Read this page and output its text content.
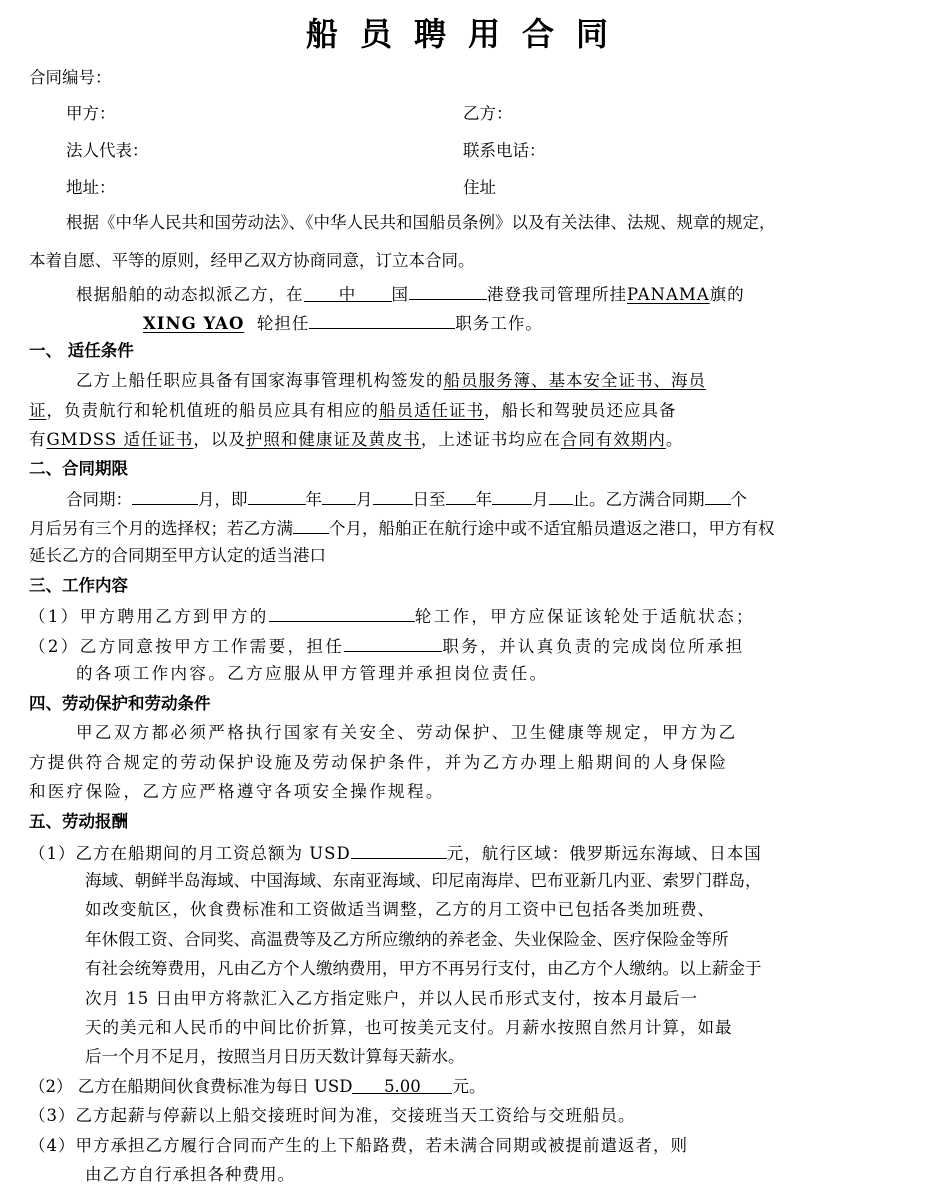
船员聘用合同
合同编号：
甲方：	乙方：
法人代表：	联系电话：
地址：	住址
根据《中华人民共和国劳动法》、《中华人民共和国船员条例》以及有关法律、法规、规章的规定，
本着自愿、平等的原则，经甲乙双方协商同意，订立本合同。
根据船舶的动态拟派乙方，在 中 国	港登我司管理所挂PANAMA旗的
XING YAO 轮担任	职务工作。
一、 适任条件
乙方上船任职应具备有国家海事管理机构签发的船员服务簿、基本安全证书、海员
证，负责航行和轮机值班的船员应具有相应的船员适任证书，船长和驾驶员还应具备
有GMDSS 适任证书，以及护照和健康证及黄皮书，上述证书均应在合同有效期内。
二、合同期限
合同期：	月，即	年 月 日至 年 月 止。乙方满合同期 个
月后另有三个月的选择权；若乙方满 个月，船舶正在航行途中或不适宜船员遣返之港口，甲方有权
延长乙方的合同期至甲方认定的适当港口
三、工作内容
（1）甲方聘用乙方到甲方的	轮工作，甲方应保证该轮处于适航状态；
（2）乙方同意按甲方工作需要，担任	职务，并认真负责的完成岗位所承担
的各项工作内容。乙方应服从甲方管理并承担岗位责任。
四、劳动保护和劳动条件
甲乙双方都必须严格执行国家有关安全、劳动保护、卫生健康等规定，甲方为乙
方提供符合规定的劳动保护设施及劳动保护条件，并为乙方办理上船期间的人身保险
和医疗保险，乙方应严格遵守各项安全操作规程。
五、劳动报酬
（1）乙方在船期间的月工资总额为 USD	元，航行区域：俄罗斯远东海域、日本国
海域、朝鲜半岛海域、中国海域、东南亚海域、印尼南海岸、巴布亚新几内亚、索罗门群岛，
如改变航区，伙食费标准和工资做适当调整，乙方的月工资中已包括各类加班费、
年休假工资、合同奖、高温费等及乙方所应缴纳的养老金、失业保险金、医疗保险金等所
有社会统筹费用，凡由乙方个人缴纳费用，甲方不再另行支付，由乙方个人缴纳。以上薪金于
次月 15 日由甲方将款汇入乙方指定账户，并以人民币形式支付，按本月最后一
天的美元和人民币的中间比价折算，也可按美元支付。月薪水按照自然月计算，如最
后一个月不足月，按照当月日历天数计算每天薪水。
（2） 乙方在船期间伙食费标准为每日 USD 5.00 元。
（3）乙方起薪与停薪以上船交接班时间为准，交接班当天工资给与交班船员。
（4）甲方承担乙方履行合同而产生的上下船路费，若未满合同期或被提前遣返者，则
由乙方自行承担各种费用。
